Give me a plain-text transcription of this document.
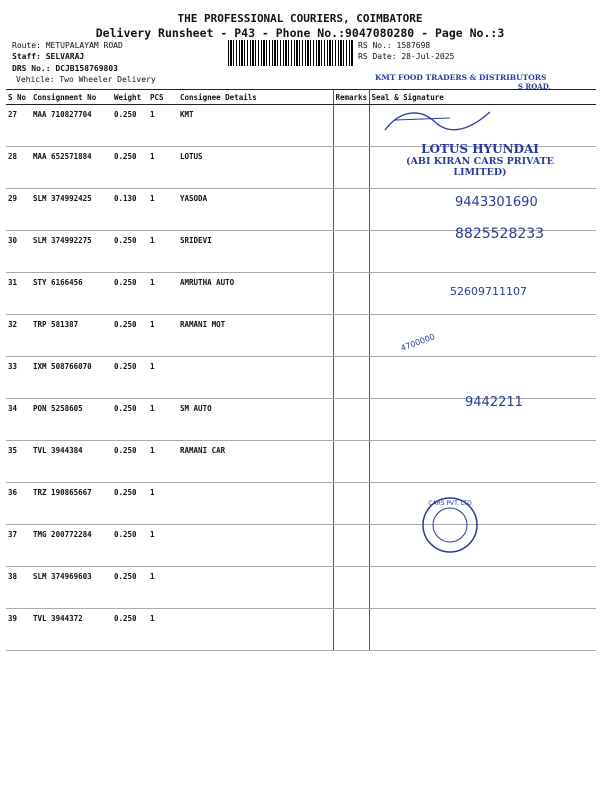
THE PROFESSIONAL COURIERS, COIMBATORE
Delivery Runsheet - P43 - Phone No.:9047080280 - Page No.:3
Route: METUPALAYAM ROAD
Staff: SELVARAJ
DRS No.: DCJB158769803
Vehicle: Two Wheeler Delivery
RS No.: 1587698
RS Date: 28-Jul-2025
S No	Consignment No	Weight	PCS	Consignee Details	Remarks	Seal & Signature
27	MAA 710827704	0.250	1	KMT		
28	MAA 652571884	0.250	1	LOTUS		
29	SLM 374992425	0.130	1	YASODA		
30	SLM 374992275	0.250	1	SRIDEVI		
31	STY 6166456	0.250	1	AMRUTHA AUTO		
32	TRP 581387	0.250	1	RAMANI MOT		
33	IXM 508766070	0.250	1			
34	PON 5258605	0.250	1	SM AUTO		
35	TVL 3944384	0.250	1	RAMANI CAR		
36	TRZ 190865667	0.250	1			
37	TMG 200772284	0.250	1			
38	SLM 374969603	0.250	1			
39	TVL 3944372	0.250	1			
KMT FOOD TRADERS & DISTRIBUTORS
S ROAD,
LOTUS HYUNDAI
(ABI KIRAN CARS PRIVATE LIMITED)
9443301690
8825528233
52609711107
4700000
9442211
CARS PVT. LTD
